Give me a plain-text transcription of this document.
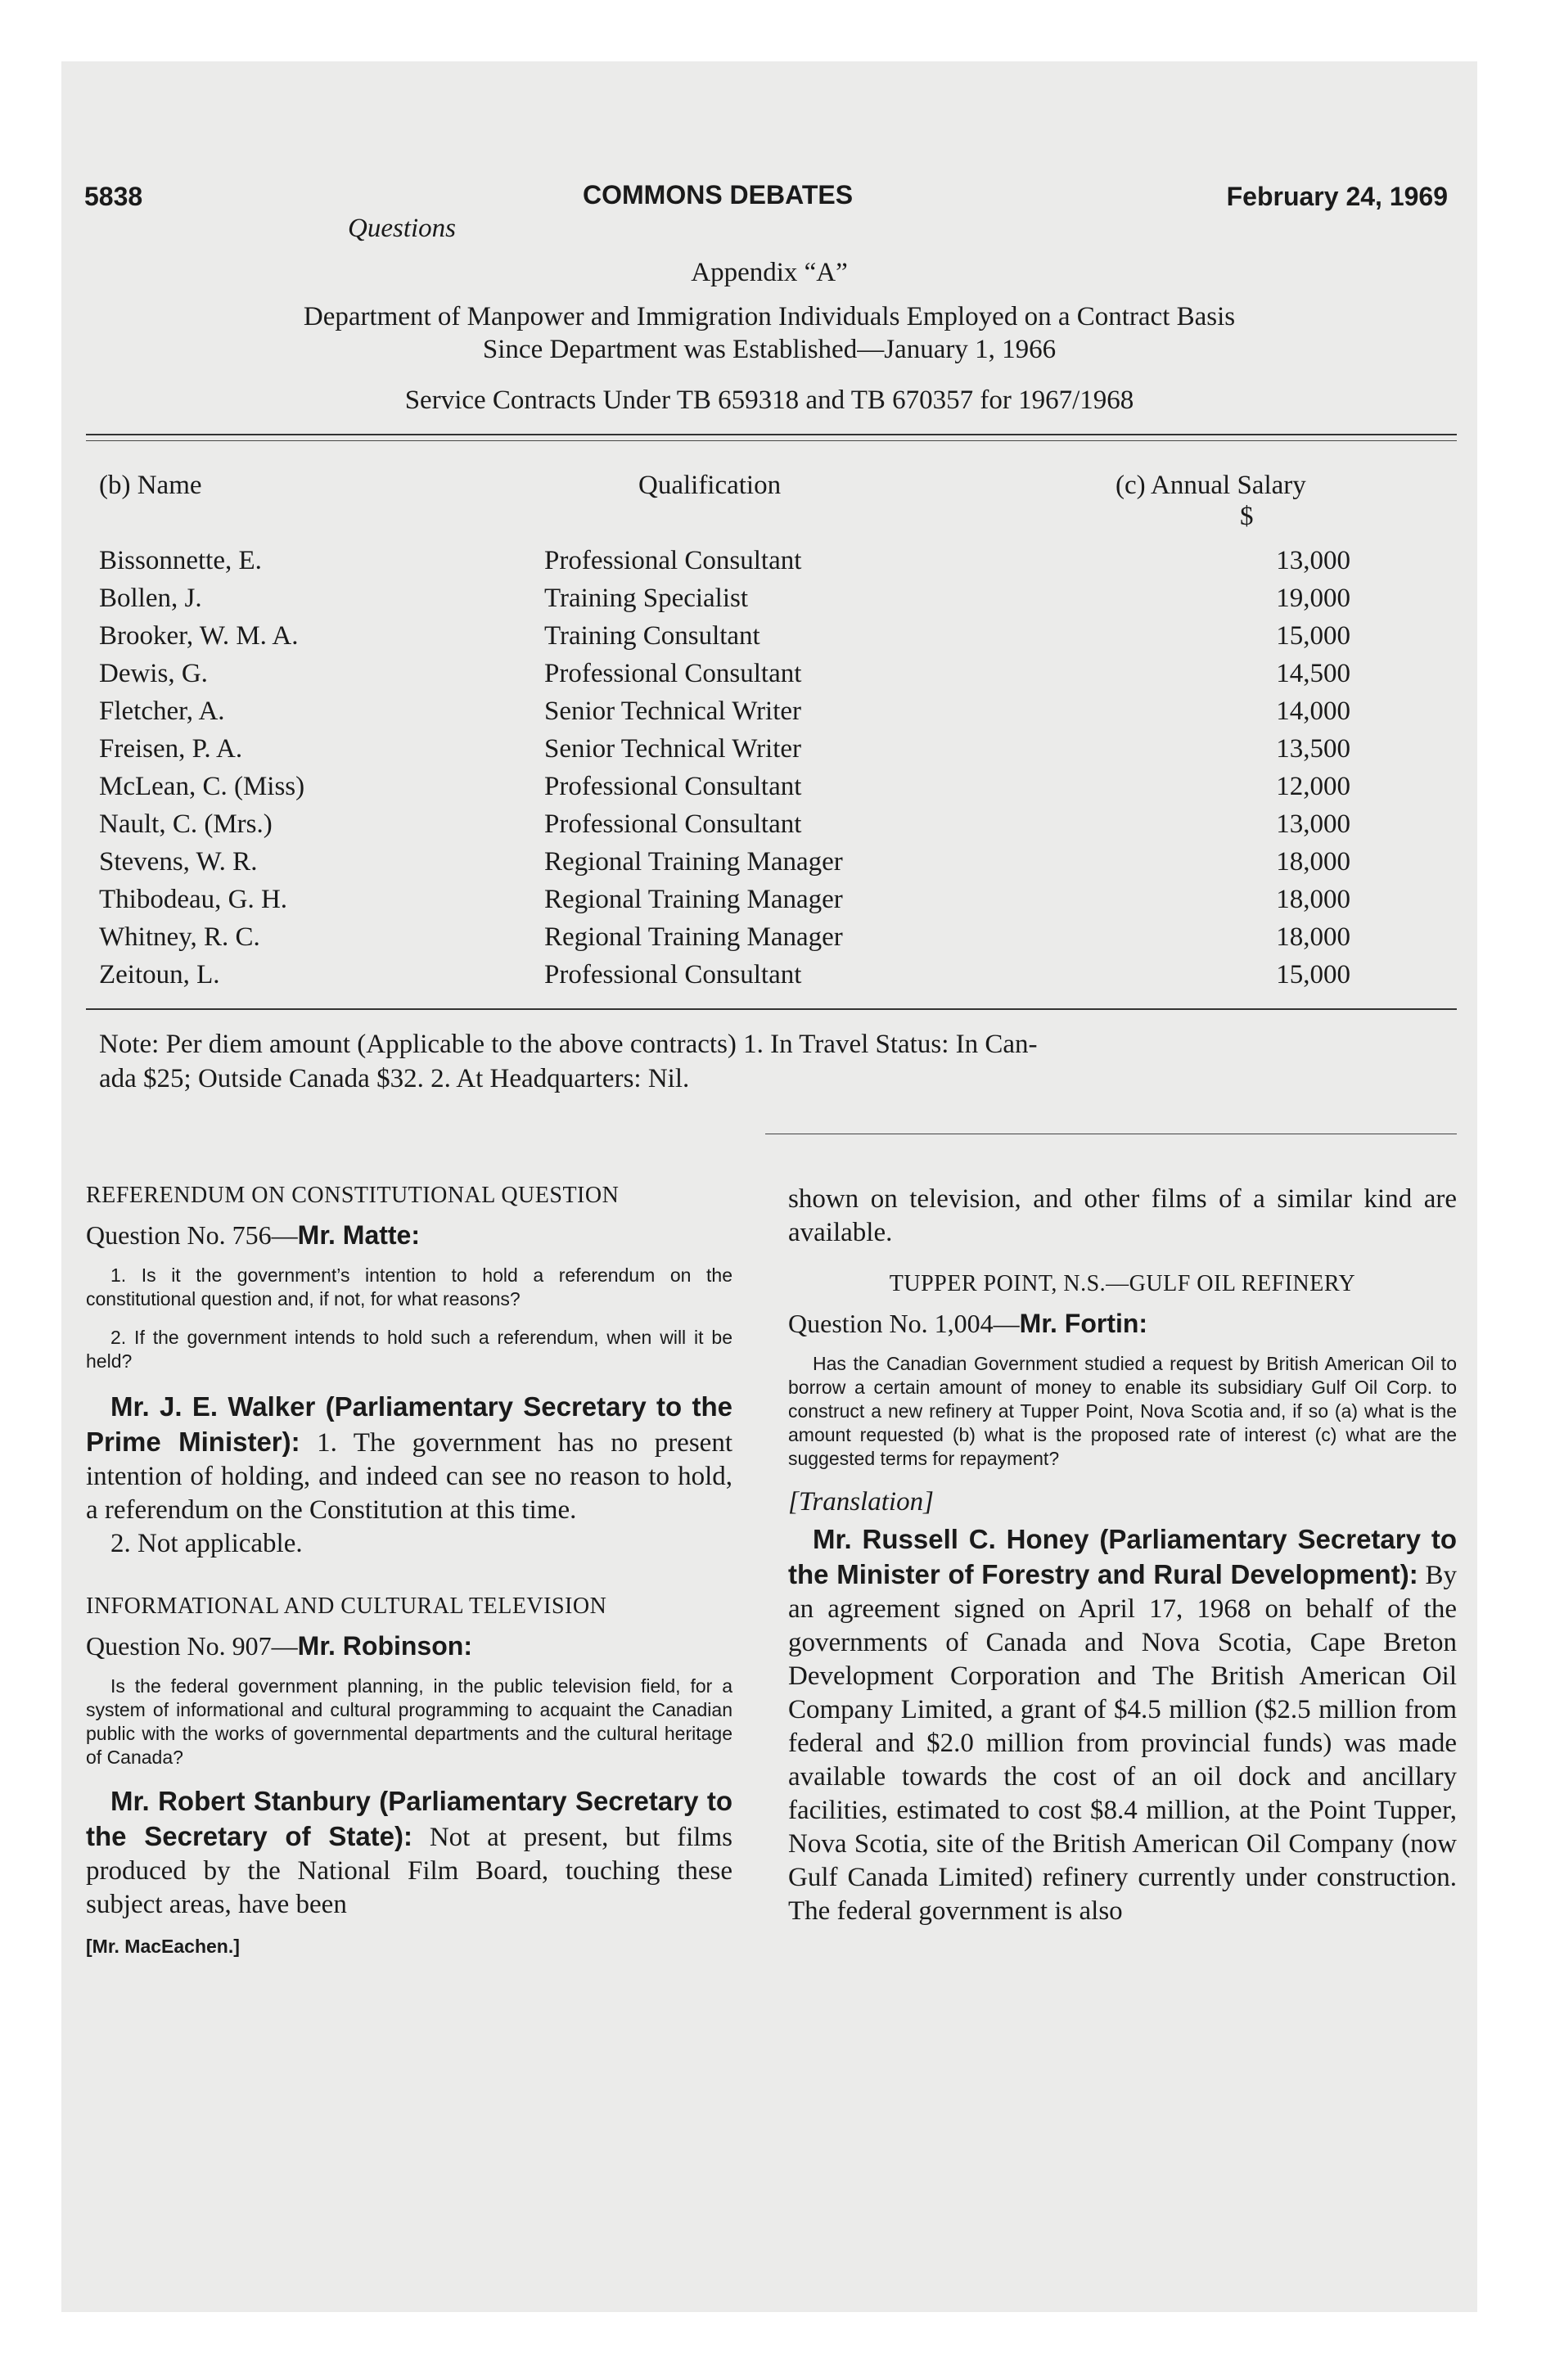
5838	COMMONS DEBATES	February 24, 1969
Questions
Appendix “A”
Department of Manpower and Immigration Individuals Employed on a Contract Basis
Since Department was Established—January 1, 1966
Service Contracts Under TB 659318 and TB 670357 for 1967/1968
(b) Name	Qualification	(c) Annual Salary
$
Bissonnette, E.	Professional Consultant	13,000
Bollen, J.	Training Specialist	19,000
Brooker, W. M. A.	Training Consultant	15,000
Dewis, G.	Professional Consultant	14,500
Fletcher, A.	Senior Technical Writer	14,000
Freisen, P. A.	Senior Technical Writer	13,500
McLean, C. (Miss)	Professional Consultant	12,000
Nault, C. (Mrs.)	Professional Consultant	13,000
Stevens, W. R.	Regional Training Manager	18,000
Thibodeau, G. H.	Regional Training Manager	18,000
Whitney, R. C.	Regional Training Manager	18,000
Zeitoun, L.	Professional Consultant	15,000
Note: Per diem amount (Applicable to the above contracts) 1. In Travel Status: In Can-
ada $25; Outside Canada $32. 2. At Headquarters: Nil.
REFERENDUM ON CONSTITUTIONAL QUESTION
Question No. 756—Mr. Matte:
1. Is it the government’s intention to hold a referendum on the constitutional question and, if not, for what reasons?
2. If the government intends to hold such a referendum, when will it be held?
Mr. J. E. Walker (Parliamentary Secretary to the Prime Minister): 1. The government has no present intention of holding, and indeed can see no reason to hold, a referendum on the Constitution at this time.
2. Not applicable.
INFORMATIONAL AND CULTURAL TELEVISION
Question No. 907—Mr. Robinson:
Is the federal government planning, in the public television field, for a system of informational and cultural programming to acquaint the Canadian public with the works of governmental departments and the cultural heritage of Canada?
Mr. Robert Stanbury (Parliamentary Secretary to the Secretary of State): Not at present, but films produced by the National Film Board, touching these subject areas, have been
[Mr. MacEachen.]
shown on television, and other films of a similar kind are available.
TUPPER POINT, N.S.—GULF OIL REFINERY
Question No. 1,004—Mr. Fortin:
Has the Canadian Government studied a request by British American Oil to borrow a certain amount of money to enable its subsidiary Gulf Oil Corp. to construct a new refinery at Tupper Point, Nova Scotia and, if so (a) what is the amount requested (b) what is the proposed rate of interest (c) what are the suggested terms for repayment?
[Translation]
Mr. Russell C. Honey (Parliamentary Secretary to the Minister of Forestry and Rural Development): By an agreement signed on April 17, 1968 on behalf of the governments of Canada and Nova Scotia, Cape Breton Development Corporation and The British American Oil Company Limited, a grant of $4.5 million ($2.5 million from federal and $2.0 million from provincial funds) was made available towards the cost of an oil dock and ancillary facilities, estimated to cost $8.4 million, at the Point Tupper, Nova Scotia, site of the British American Oil Company (now Gulf Canada Limited) refinery currently under construction. The federal government is also
